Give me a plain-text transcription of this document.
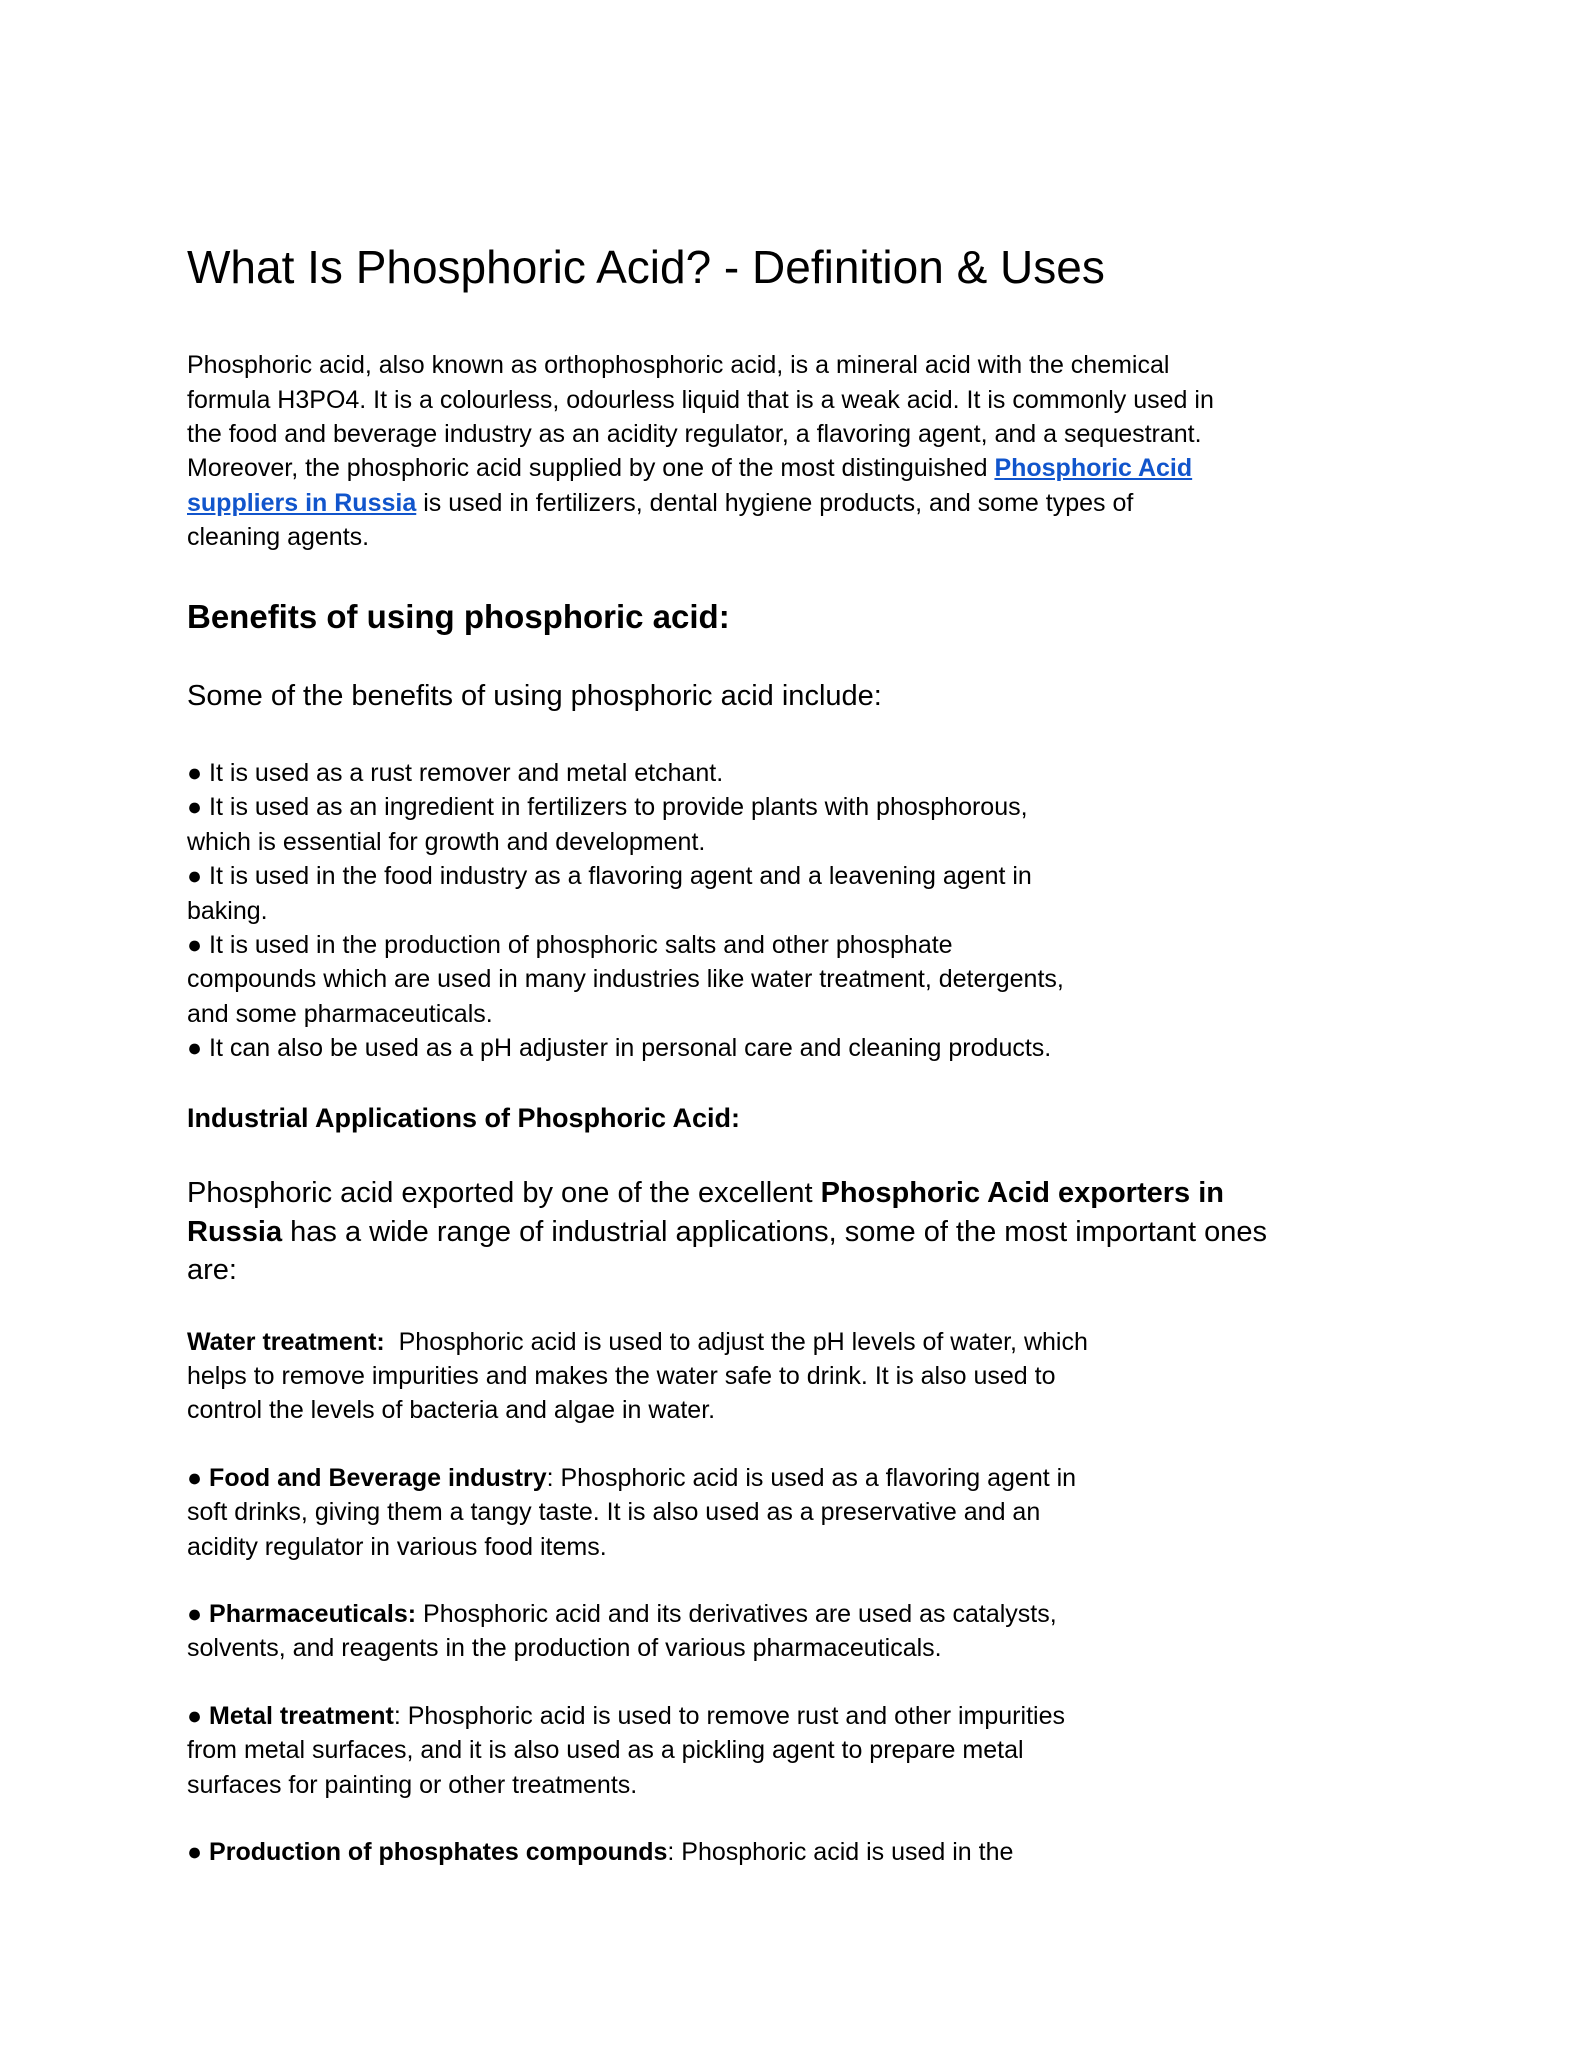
What Is Phosphoric Acid? - Definition & Uses

Phosphoric acid, also known as orthophosphoric acid, is a mineral acid with the chemical formula H3PO4. It is a colourless, odourless liquid that is a weak acid. It is commonly used in the food and beverage industry as an acidity regulator, a flavoring agent, and a sequestrant. Moreover, the phosphoric acid supplied by one of the most distinguished Phosphoric Acid suppliers in Russia is used in fertilizers, dental hygiene products, and some types of cleaning agents.

Benefits of using phosphoric acid:

Some of the benefits of using phosphoric acid include:

● It is used as a rust remover and metal etchant.
● It is used as an ingredient in fertilizers to provide plants with phosphorous, which is essential for growth and development.
● It is used in the food industry as a flavoring agent and a leavening agent in baking.
● It is used in the production of phosphoric salts and other phosphate compounds which are used in many industries like water treatment, detergents, and some pharmaceuticals.
● It can also be used as a pH adjuster in personal care and cleaning products.
Industrial Applications of Phosphoric Acid:

Phosphoric acid exported by one of the excellent Phosphoric Acid exporters in Russia has a wide range of industrial applications, some of the most important ones are:

Water treatment:  Phosphoric acid is used to adjust the pH levels of water, which helps to remove impurities and makes the water safe to drink. It is also used to control the levels of bacteria and algae in water.

● Food and Beverage industry: Phosphoric acid is used as a flavoring agent in soft drinks, giving them a tangy taste. It is also used as a preservative and an acidity regulator in various food items.

● Pharmaceuticals: Phosphoric acid and its derivatives are used as catalysts, solvents, and reagents in the production of various pharmaceuticals.

● Metal treatment: Phosphoric acid is used to remove rust and other impurities from metal surfaces, and it is also used as a pickling agent to prepare metal surfaces for painting or other treatments.

● Production of phosphates compounds: Phosphoric acid is used in the
